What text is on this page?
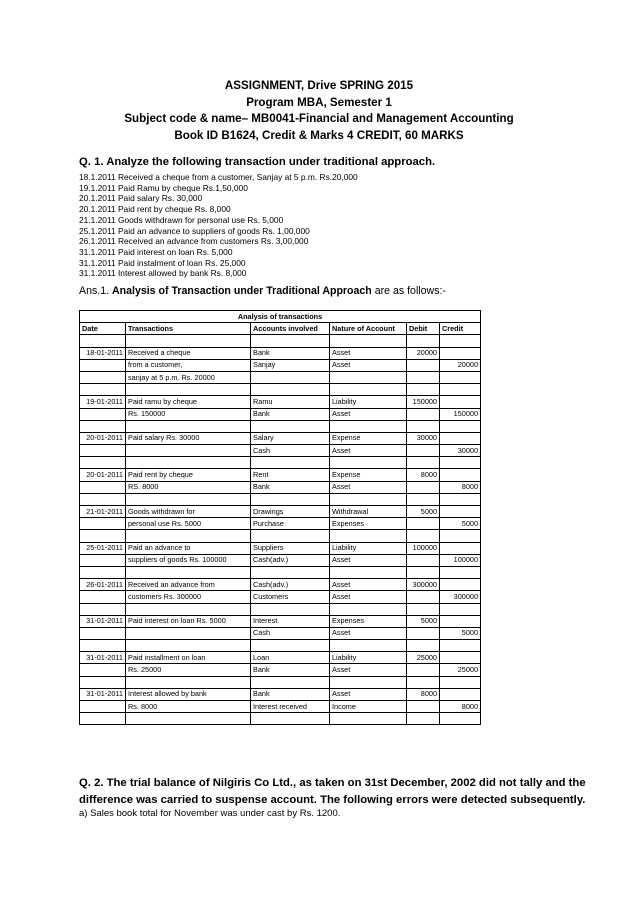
ASSIGNMENT, Drive SPRING 2015
Program MBA, Semester 1
Subject code & name– MB0041-Financial and Management Accounting
Book ID B1624, Credit & Marks 4 CREDIT, 60 MARKS
Q. 1. Analyze the following transaction under traditional approach.
18.1.2011 Received a cheque from a customer, Sanjay at 5 p.m. Rs.20,000
19.1.2011 Paid Ramu by cheque Rs.1,50,000
20.1.2011 Paid salary Rs. 30,000
20.1.2011 Paid rent by cheque Rs. 8,000
21.1.2011 Goods withdrawn for personal use Rs. 5,000
25.1.2011 Paid an advance to suppliers of goods Rs. 1,00,000
26.1.2011 Received an advance from customers Rs. 3,00,000
31.1.2011 Paid interest on loan Rs. 5,000
31.1.2011 Paid instalment of loan Rs. 25,000
31.1.2011 Interest allowed by bank Rs. 8,000
Ans.1. Analysis of Transaction under Traditional Approach are as follows:-
Analysis of transactions					
Date	Transactions	Accounts involved	Nature of Account	Debit	Credit

18-01-2011	Received a cheque	Bank	Asset	20000	
	from a customer,	Sanjay	Asset		20000
	sanjay at 5 p.m. Rs. 20000				

19-01-2011	Paid ramu by cheque	Ramu	Liability	150000	
	Rs. 150000	Bank	Asset		150000

20-01-2011	Paid salary Rs. 30000	Salary	Expense	30000	
		Cash	Asset		30000

20-01-2011	Paid rent by cheque	Rent	Expense	8000	
	RS. 8000	Bank	Asset		8000

21-01-2011	Goods withdrawn for	Drawings	Withdrawal	5000	
	personal use Rs. 5000	Purchase	Expenses		5000

25-01-2011	Paid an advance to	Suppliers	Liability	100000	
	suppliers of goods Rs. 100000	Cash(adv.)	Asset		100000

26-01-2011	Received an advance from	Cash(adv.)	Asset	300000	
	customers Rs. 300000	Customers	Asset		300000

31-01-2011	Paid interest on loan Rs. 5000	Interest	Expenses	5000	
		Cash	Asset		5000

31-01-2011	Paid installment on loan	Loan	Liability	25000	
	Rs. 25000	Bank	Asset		25000

31-01-2011	Interest allowed by bank	Bank	Asset	8000	
	Rs. 8000	Interest received	Income		8000

Q. 2. The trial balance of Nilgiris Co Ltd., as taken on 31st December, 2002 did not tally and the
difference was carried to suspense account. The following errors were detected subsequently.
a) Sales book total for November was under cast by Rs. 1200.
